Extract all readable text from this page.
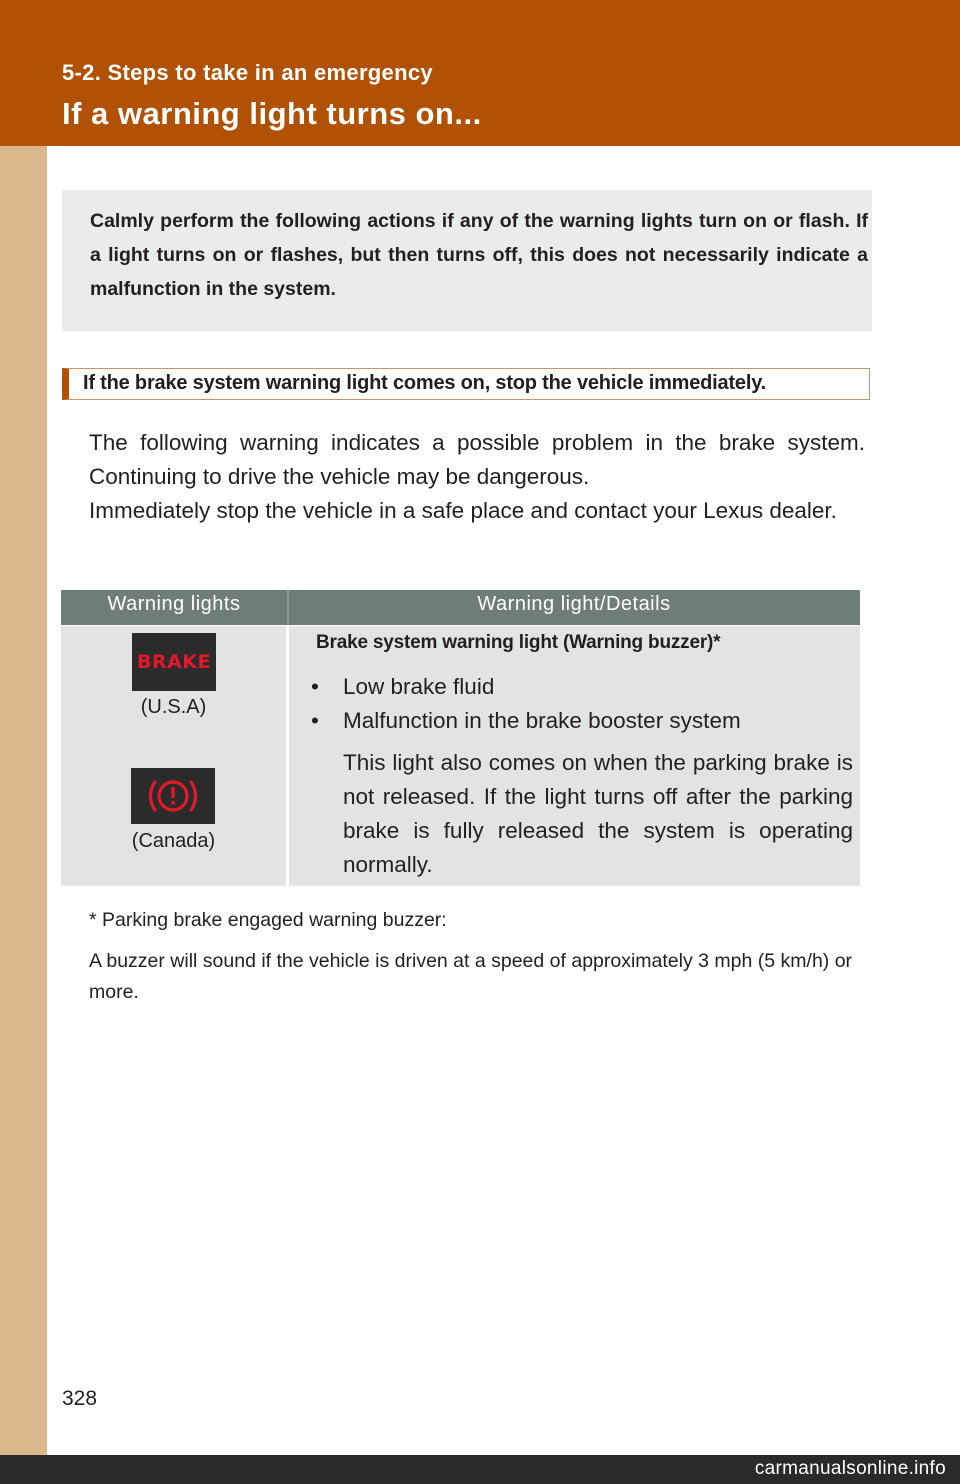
5-2. Steps to take in an emergency
If a warning light turns on...
Calmly perform the following actions if any of the warning lights turn on or flash. If a light turns on or flashes, but then turns off, this does not necessarily indicate a malfunction in the system.
If the brake system warning light comes on, stop the vehicle immediately.

The following warning indicates a possible problem in the brake system. Continuing to drive the vehicle may be dangerous.

Immediately stop the vehicle in a safe place and contact your Lexus dealer.

Warning lights	Warning light/Details
BRAKE
(U.S.A)
(Canada)
Brake system warning light (Warning buzzer)*
• Low brake fluid
• Malfunction in the brake booster system
This light also comes on when the parking brake is not released. If the light turns off after the parking brake is fully released the system is operating normally.

* Parking brake engaged warning buzzer:

A buzzer will sound if the vehicle is driven at a speed of approximately 3 mph (5 km/h) or more.

328
carmanualsonline.info
